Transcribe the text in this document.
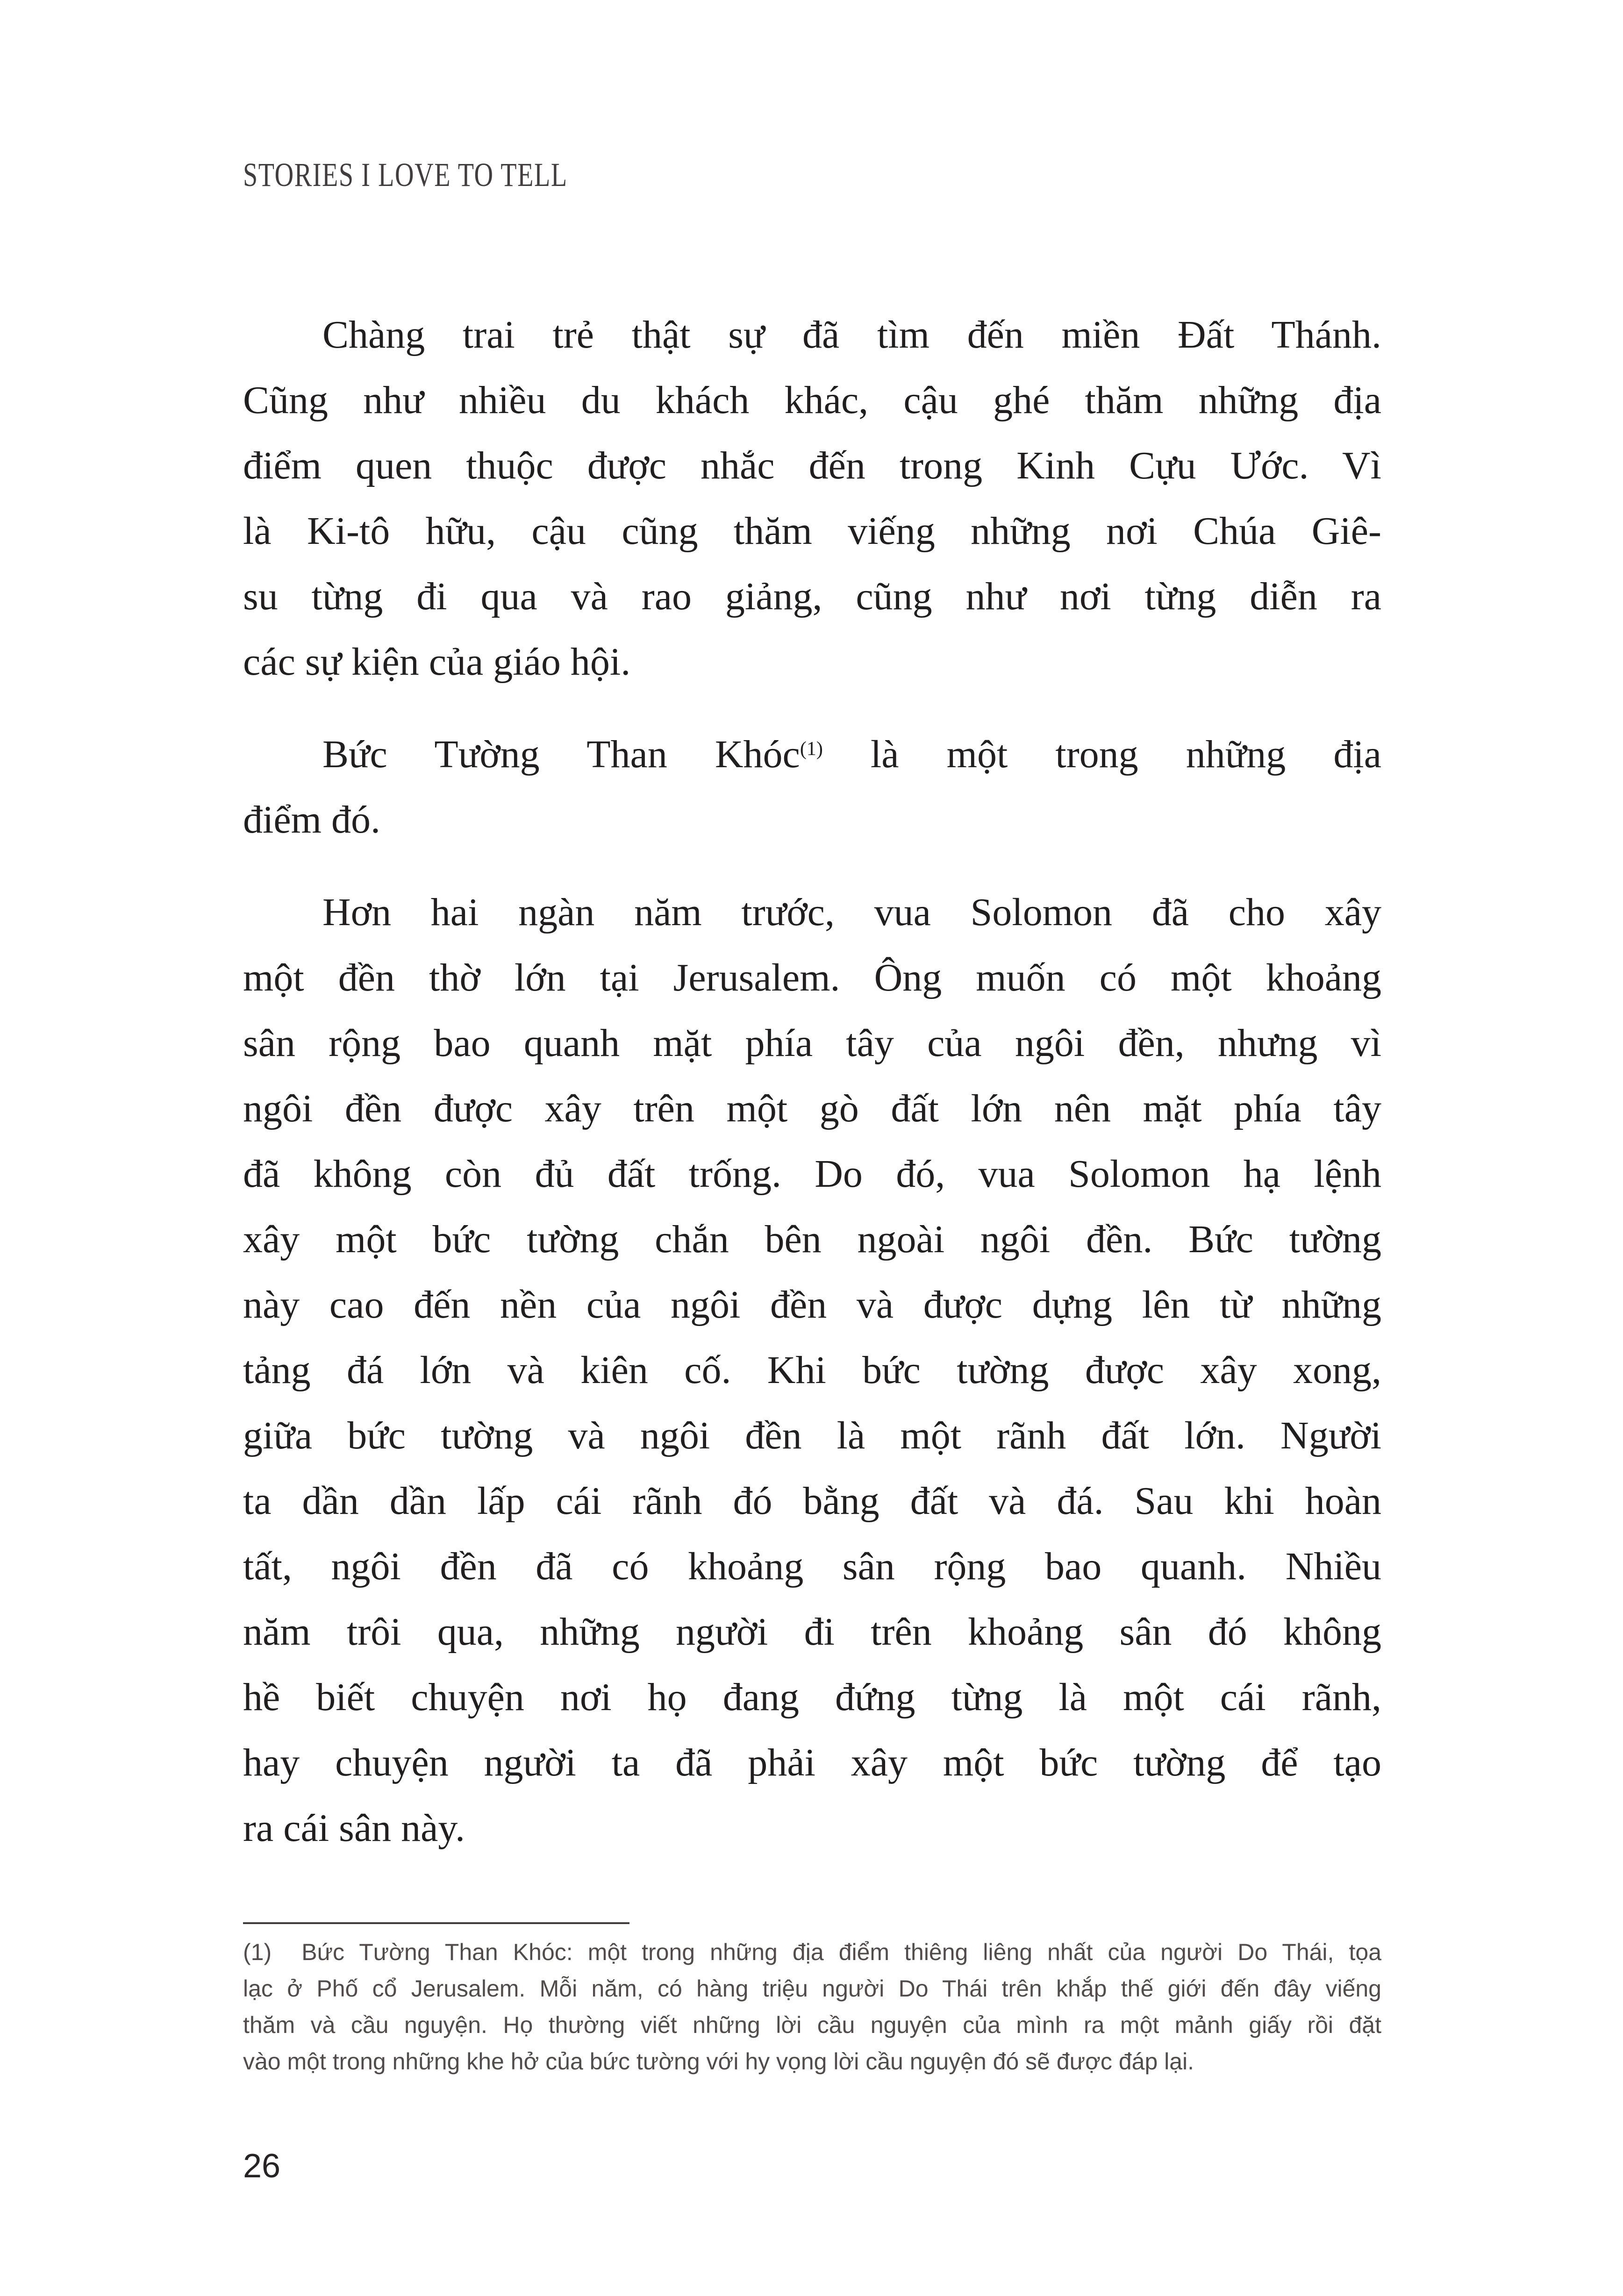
STORIES I LOVE TO TELL
Chàng trai trẻ thật sự đã tìm đến miền Đất Thánh.
Cũng như nhiều du khách khác, cậu ghé thăm những địa
điểm quen thuộc được nhắc đến trong Kinh Cựu Ước. Vì
là Ki-tô hữu, cậu cũng thăm viếng những nơi Chúa Giê-
su từng đi qua và rao giảng, cũng như nơi từng diễn ra
các sự kiện của giáo hội.
Bức Tường Than Khóc$^{(1)}$ là một trong những địa
điểm đó.
Hơn hai ngàn năm trước, vua Solomon đã cho xây
một đền thờ lớn tại Jerusalem. Ông muốn có một khoảng
sân rộng bao quanh mặt phía tây của ngôi đền, nhưng vì
ngôi đền được xây trên một gò đất lớn nên mặt phía tây
đã không còn đủ đất trống. Do đó, vua Solomon hạ lệnh
xây một bức tường chắn bên ngoài ngôi đền. Bức tường
này cao đến nền của ngôi đền và được dựng lên từ những
tảng đá lớn và kiên cố. Khi bức tường được xây xong,
giữa bức tường và ngôi đền là một rãnh đất lớn. Người
ta dần dần lấp cái rãnh đó bằng đất và đá. Sau khi hoàn
tất, ngôi đền đã có khoảng sân rộng bao quanh. Nhiều
năm trôi qua, những người đi trên khoảng sân đó không
hề biết chuyện nơi họ đang đứng từng là một cái rãnh,
hay chuyện người ta đã phải xây một bức tường để tạo
ra cái sân này.
(1)  Bức Tường Than Khóc: một trong những địa điểm thiêng liêng nhất của người Do Thái, tọa
lạc ở Phố cổ Jerusalem. Mỗi năm, có hàng triệu người Do Thái trên khắp thế giới đến đây viếng
thăm và cầu nguyện. Họ thường viết những lời cầu nguyện của mình ra một mảnh giấy rồi đặt
vào một trong những khe hở của bức tường với hy vọng lời cầu nguyện đó sẽ được đáp lại.
26
